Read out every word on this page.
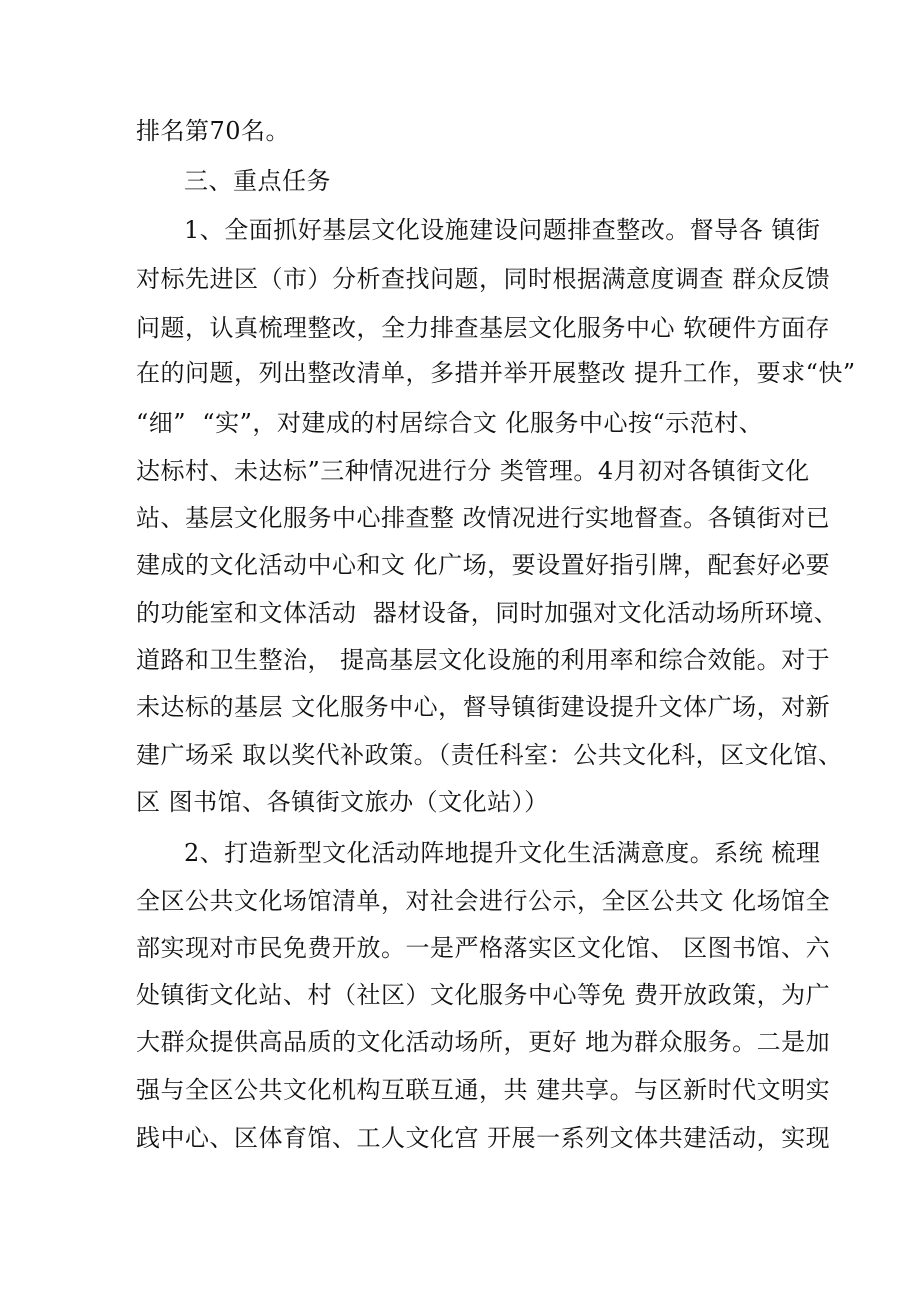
排名第70名。
三、重点任务
1、全面抓好基层文化设施建设问题排查整改。督导各 镇街
对标先进区（市）分析查找问题，同时根据满意度调查 群众反馈
问题，认真梳理整改，全力排查基层文化服务中心 软硬件方面存
在的问题，列出整改清单，多措并举开展整改 提升工作，要求“快”
“细”  “实”，对建成的村居综合文 化服务中心按“示范村、
达标村、未达标”三种情况进行分 类管理。4月初对各镇街文化
站、基层文化服务中心排查整 改情况进行实地督查。各镇街对已
建成的文化活动中心和文 化广场，要设置好指引牌，配套好必要
的功能室和文体活动  器材设备，同时加强对文化活动场所环境、
道路和卫生整治， 提高基层文化设施的利用率和综合效能。对于
未达标的基层 文化服务中心，督导镇街建设提升文体广场，对新
建广场采 取以奖代补政策。（责任科室：公共文化科，区文化馆、
区 图书馆、各镇街文旅办（文化站））
2、打造新型文化活动阵地提升文化生活满意度。系统 梳理
全区公共文化场馆清单，对社会进行公示，全区公共文 化场馆全
部实现对市民免费开放。一是严格落实区文化馆、 区图书馆、六
处镇街文化站、村（社区）文化服务中心等免 费开放政策，为广
大群众提供高品质的文化活动场所，更好 地为群众服务。二是加
强与全区公共文化机构互联互通，共 建共享。与区新时代文明实
践中心、区体育馆、工人文化宫 开展一系列文体共建活动，实现
